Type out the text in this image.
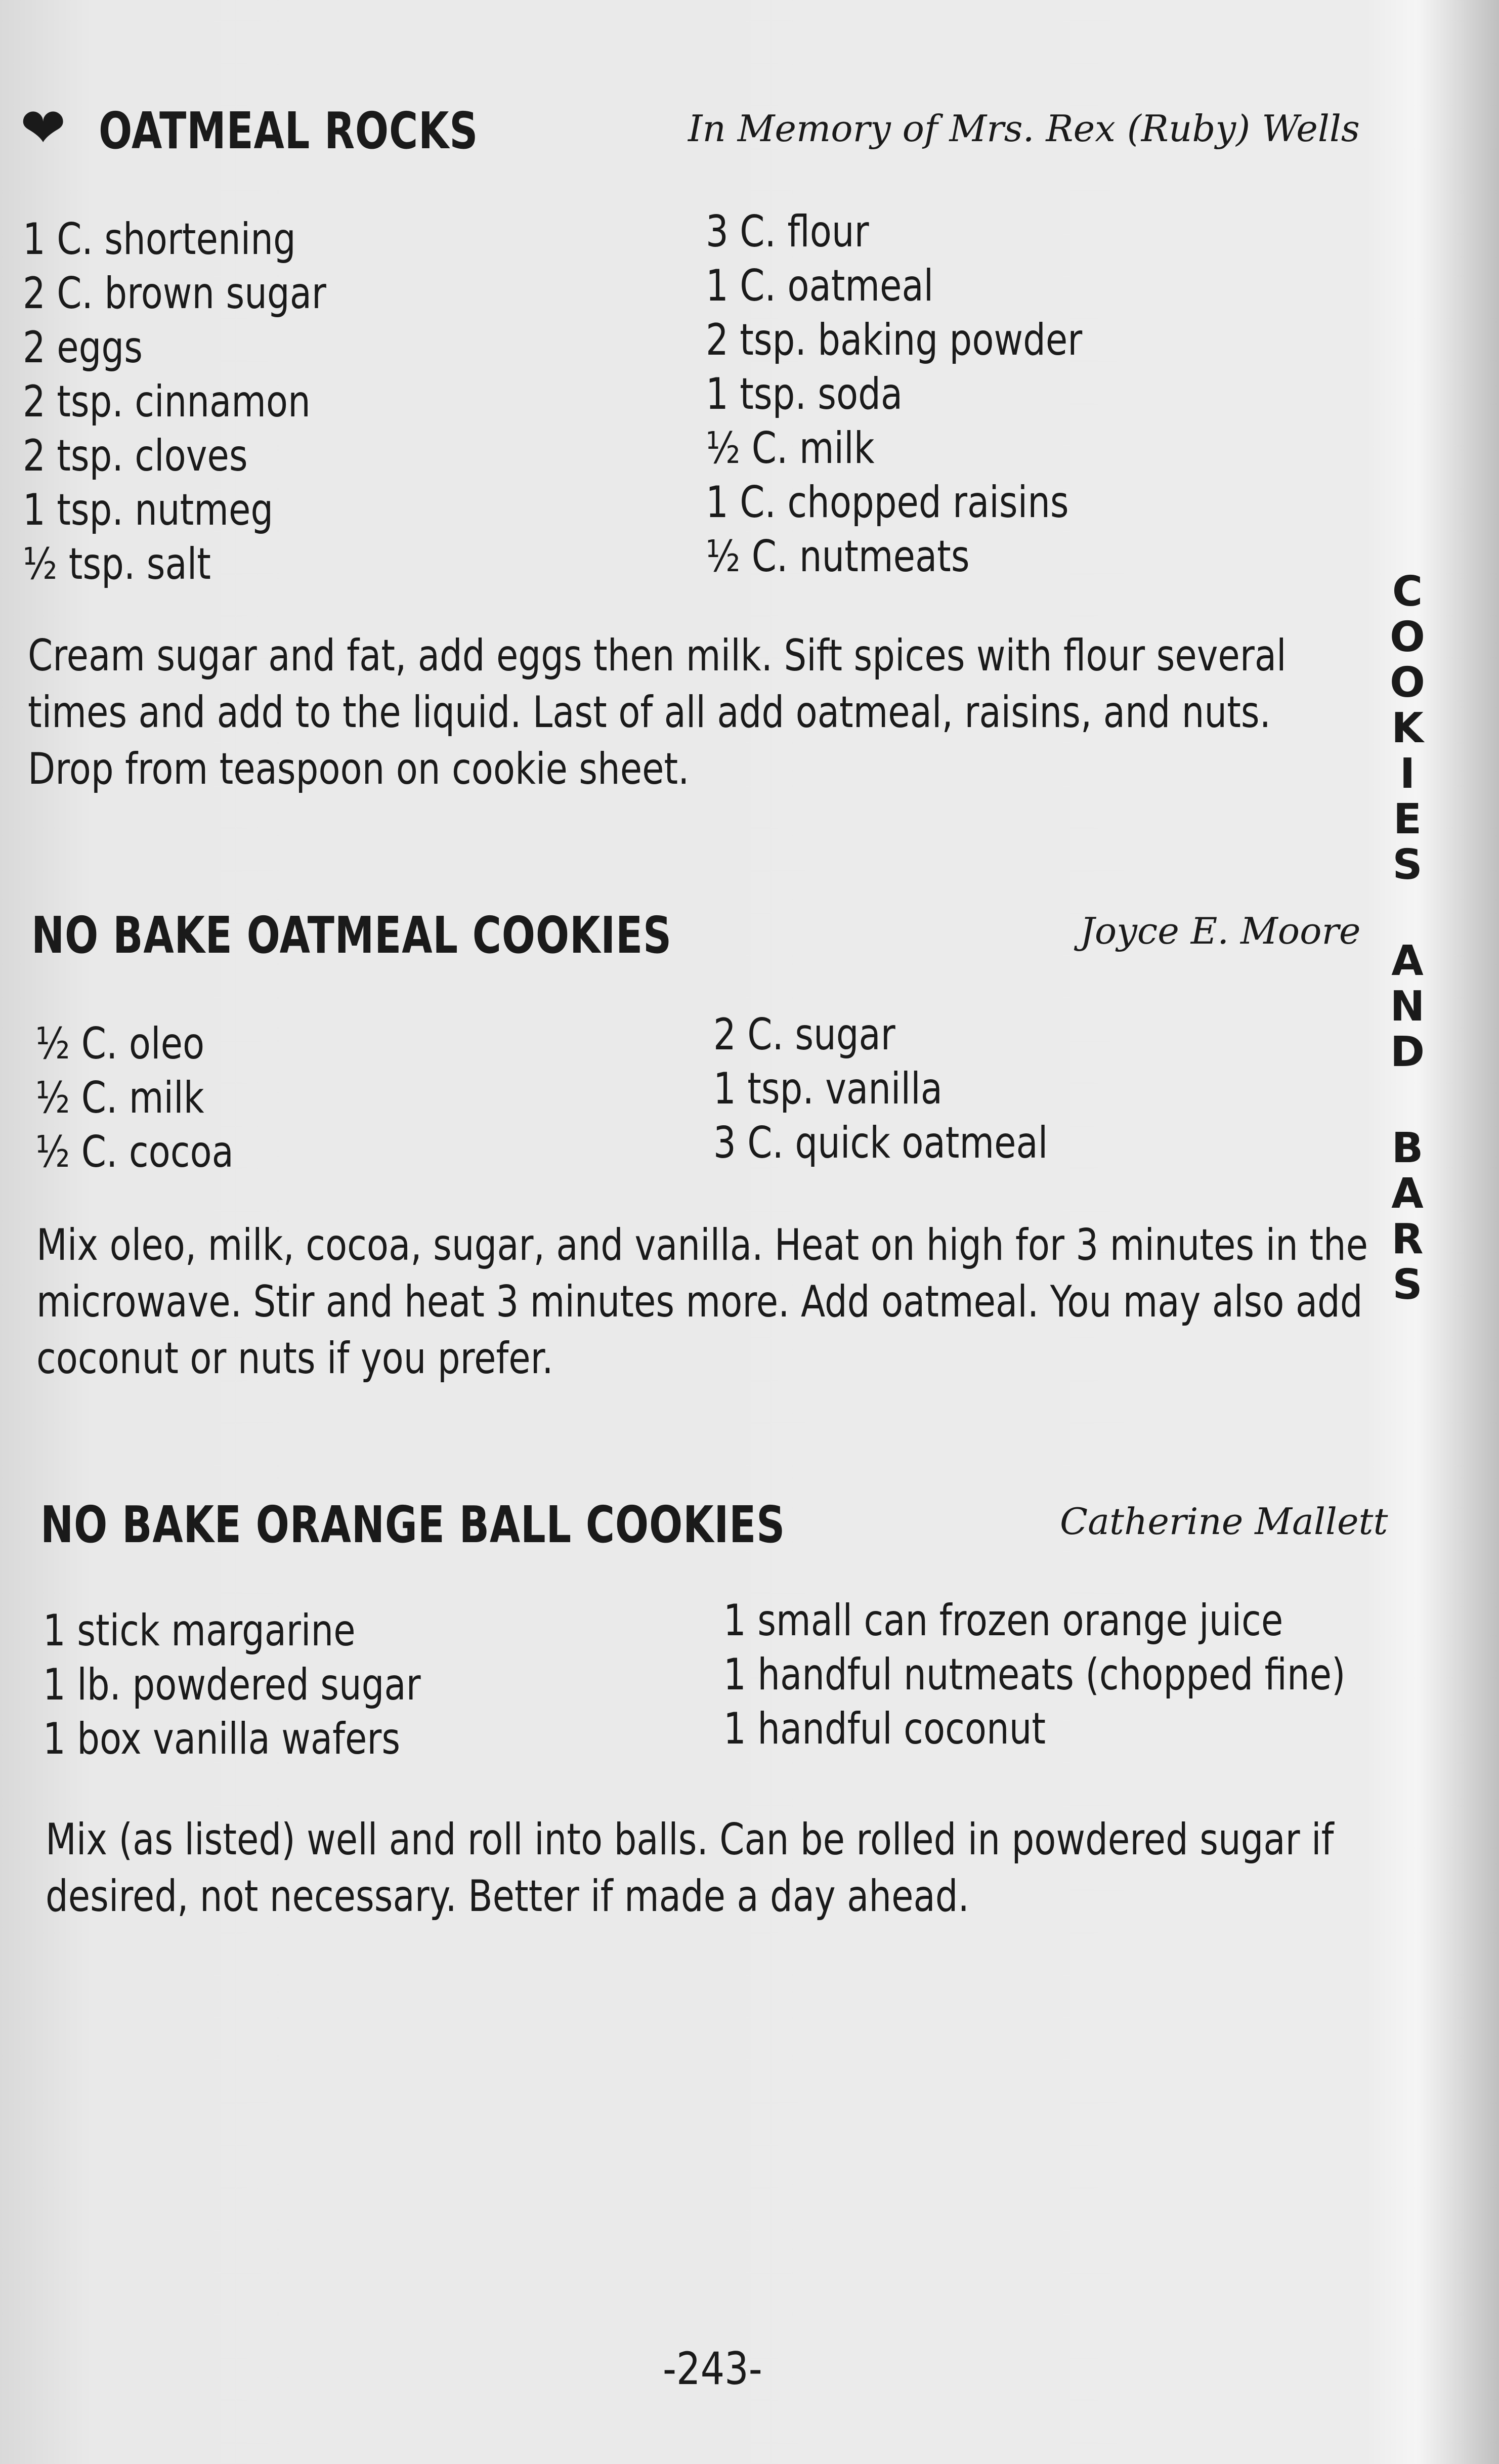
❤ OATMEAL ROCKS	In Memory of Mrs. Rex (Ruby) Wells
1 C. shortening
2 C. brown sugar
2 eggs
2 tsp. cinnamon
2 tsp. cloves
1 tsp. nutmeg
½ tsp. salt
3 C. flour
1 C. oatmeal
2 tsp. baking powder
1 tsp. soda
½ C. milk
1 C. chopped raisins
½ C. nutmeats

Cream sugar and fat, add eggs then milk. Sift spices with flour several times and add to the liquid. Last of all add oatmeal, raisins, and nuts. Drop from teaspoon on cookie sheet.

NO BAKE OATMEAL COOKIES	Joyce E. Moore
½ C. oleo
½ C. milk
½ C. cocoa
2 C. sugar
1 tsp. vanilla
3 C. quick oatmeal

Mix oleo, milk, cocoa, sugar, and vanilla. Heat on high for 3 minutes in the microwave. Stir and heat 3 minutes more. Add oatmeal. You may also add coconut or nuts if you prefer.

NO BAKE ORANGE BALL COOKIES	Catherine Mallett
1 stick margarine
1 lb. powdered sugar
1 box vanilla wafers
1 small can frozen orange juice
1 handful nutmeats (chopped fine)
1 handful coconut

Mix (as listed) well and roll into balls. Can be rolled in powdered sugar if desired, not necessary. Better if made a day ahead.

C
O
O
K
I
E
S
A
N
D
B
A
R
S
-243-
